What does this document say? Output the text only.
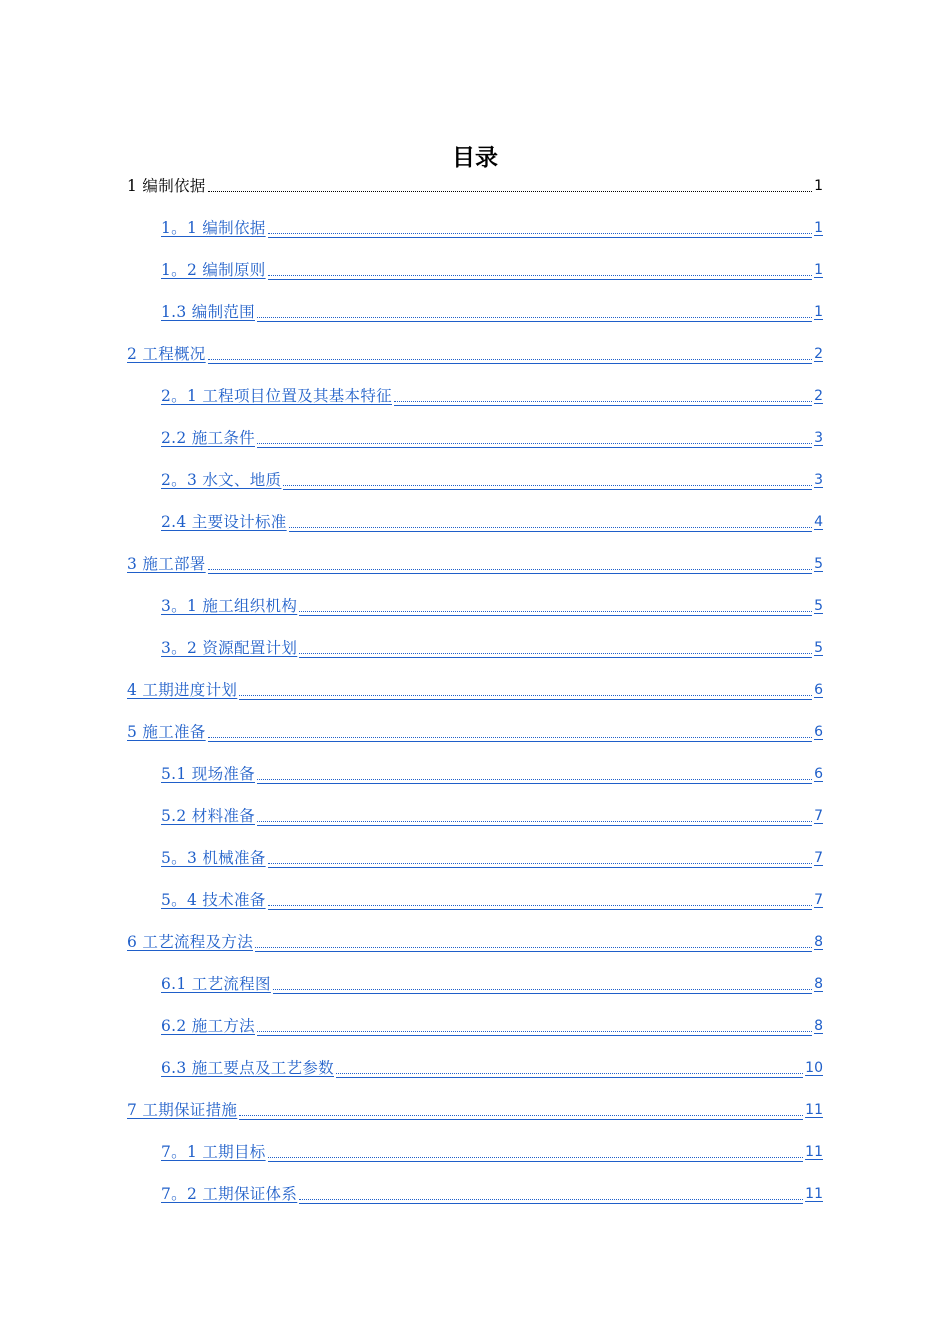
目录
1 编制依据	1
1。1 编制依据	1
1。2 编制原则	1
1.3 编制范围	1
2 工程概况	2
2。1 工程项目位置及其基本特征	2
2.2 施工条件	3
2。3 水文、地质	3
2.4 主要设计标准	4
3 施工部署	5
3。1 施工组织机构	5
3。2 资源配置计划	5
4 工期进度计划	6
5 施工准备	6
5.1 现场准备	6
5.2 材料准备	7
5。3 机械准备	7
5。4 技术准备	7
6 工艺流程及方法	8
6.1 工艺流程图	8
6.2 施工方法	8
6.3 施工要点及工艺参数	10
7 工期保证措施	11
7。1 工期目标	11
7。2 工期保证体系	11
